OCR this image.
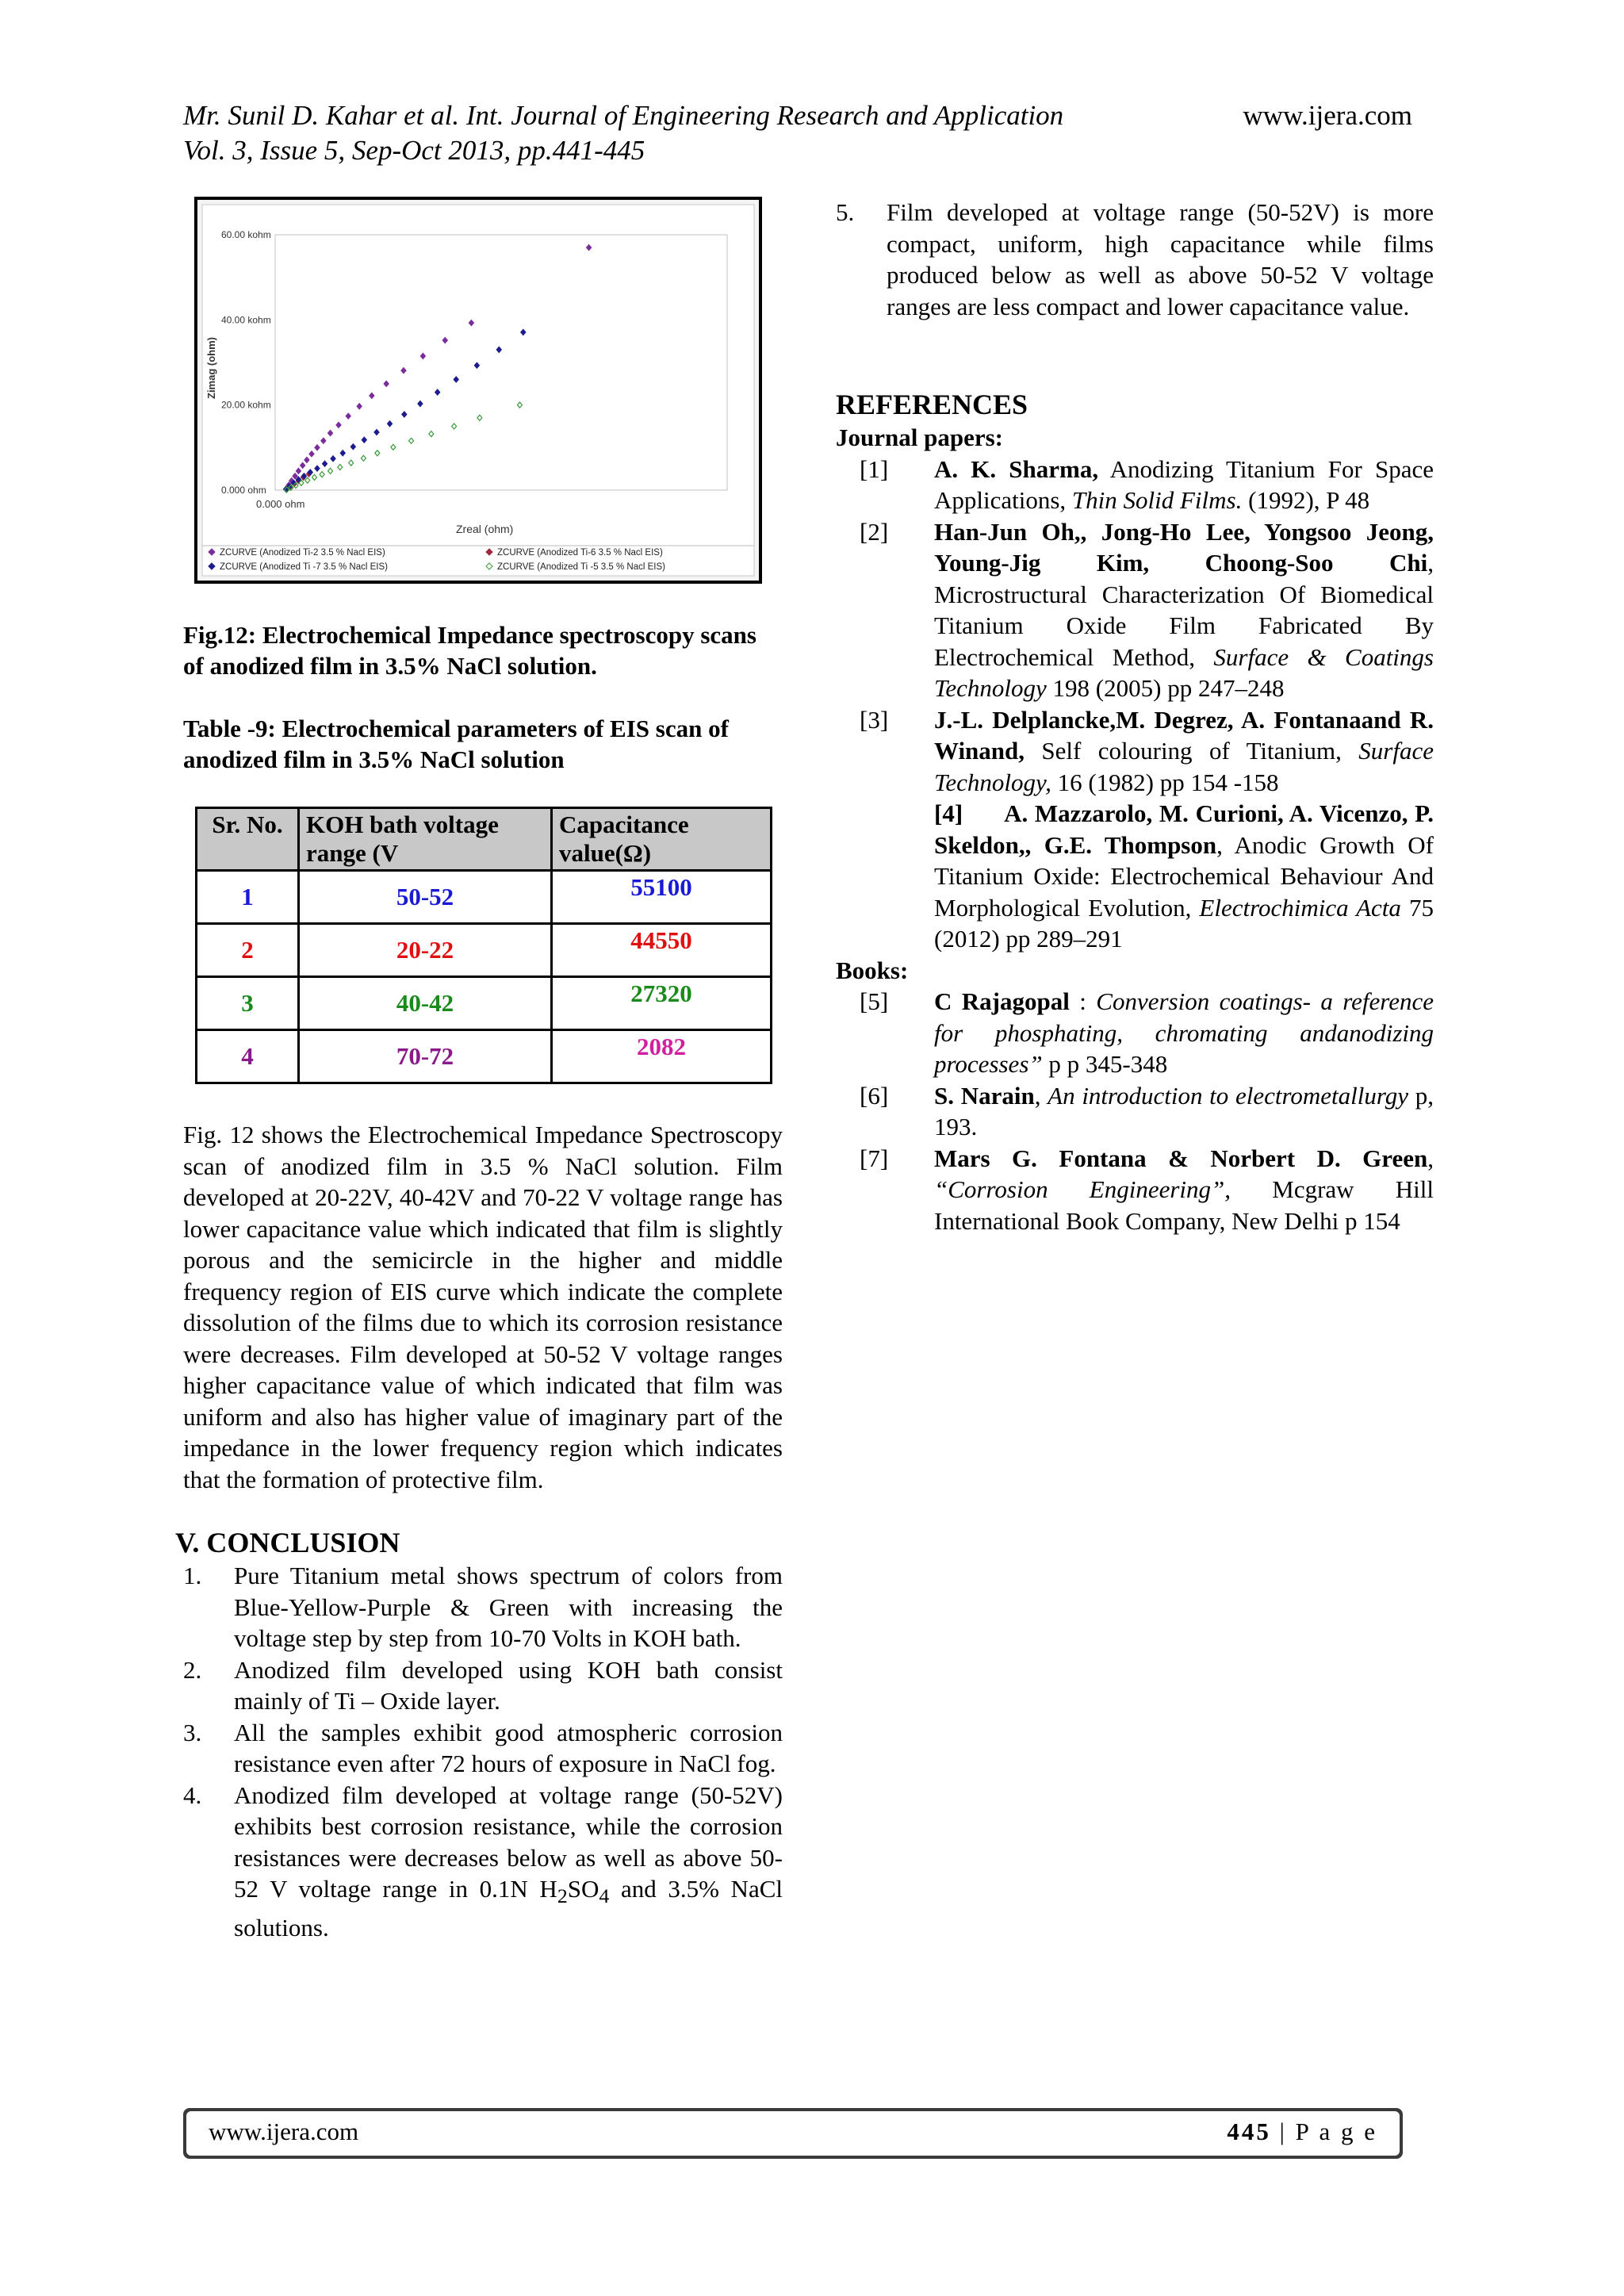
Mr. Sunil D. Kahar et al. Int. Journal of Engineering Research and Application
Vol. 3, Issue 5, Sep-Oct 2013, pp.441-445
www.ijera.com
0.000 ohm
20.00 kohm
40.00 kohm
60.00 kohm
Zimag (ohm)
0.000 ohm
Zreal (ohm)
ZCURVE (Anodized Ti-2 3.5 % Nacl EIS)	ZCURVE (Anodized Ti-6 3.5 % Nacl EIS)
ZCURVE (Anodized Ti -7 3.5 % Nacl EIS)	ZCURVE (Anodized Ti -5 3.5 % Nacl EIS)
Fig.12: Electrochemical Impedance spectroscopy scans of anodized film in 3.5% NaCl solution.
Table -9: Electrochemical parameters of EIS scan of anodized film in 3.5% NaCl solution
Sr. No.	KOH bath voltage range (V	Capacitance value(Ω)
1	50-52	55100
2	20-22	44550
3	40-42	27320
4	70-72	2082

Fig. 12 shows the Electrochemical Impedance Spectroscopy scan of anodized film in 3.5 % NaCl solution. Film developed at 20-22V, 40-42V and 70-22 V voltage range has lower capacitance value which indicated that film is slightly porous and the semicircle in the higher and middle frequency region of EIS curve which indicate the complete dissolution of the films due to which its corrosion resistance were decreases. Film developed at 50-52 V voltage ranges higher capacitance value of which indicated that film was uniform and also has higher value of imaginary part of the impedance in the lower frequency region which indicates that the formation of protective film.

V. CONCLUSION
1. Pure Titanium metal shows spectrum of colors from Blue-Yellow-Purple & Green with increasing the voltage step by step from 10-70 Volts in KOH bath.
2. Anodized film developed using KOH bath consist mainly of Ti – Oxide layer.
3. All the samples exhibit good atmospheric corrosion resistance even after 72 hours of exposure in NaCl fog.
4. Anodized film developed at voltage range (50-52V) exhibits best corrosion resistance, while the corrosion resistances were decreases below as well as above 50-52 V voltage range in 0.1N $H_2SO_4$ and 3.5% NaCl solutions.
5. Film developed at voltage range (50-52V) is more compact, uniform, high capacitance while films produced below as well as above 50-52 V voltage ranges are less compact and lower capacitance value.
REFERENCES
Journal papers:
[1] A. K. Sharma, Anodizing Titanium For Space Applications, Thin Solid Films. (1992), P 48
[2] Han-Jun Oh,, Jong-Ho Lee, Yongsoo Jeong, Young-Jig Kim, Choong-Soo Chi, Microstructural Characterization Of Biomedical Titanium Oxide Film Fabricated By Electrochemical Method, Surface & Coatings Technology 198 (2005) pp 247–248
[3] J.-L. Delplancke,M. Degrez, A. Fontanaand R. Winand, Self colouring of Titanium, Surface Technology, 16 (1982) pp 154 -158
[4] A. Mazzarolo, M. Curioni, A. Vicenzo, P. Skeldon,, G.E. Thompson, Anodic Growth Of Titanium Oxide: Electrochemical Behaviour And Morphological Evolution, Electrochimica Acta 75 (2012) pp 289–291
Books:
[5] C Rajagopal : Conversion coatings- a reference for phosphating, chromating andanodizing processes” p p 345-348
[6] S. Narain, An introduction to electrometallurgy p, 193.
[7] Mars G. Fontana & Norbert D. Green, “Corrosion Engineering”, Mcgraw Hill International Book Company, New Delhi p 154
www.ijera.com	445 | P a g e
